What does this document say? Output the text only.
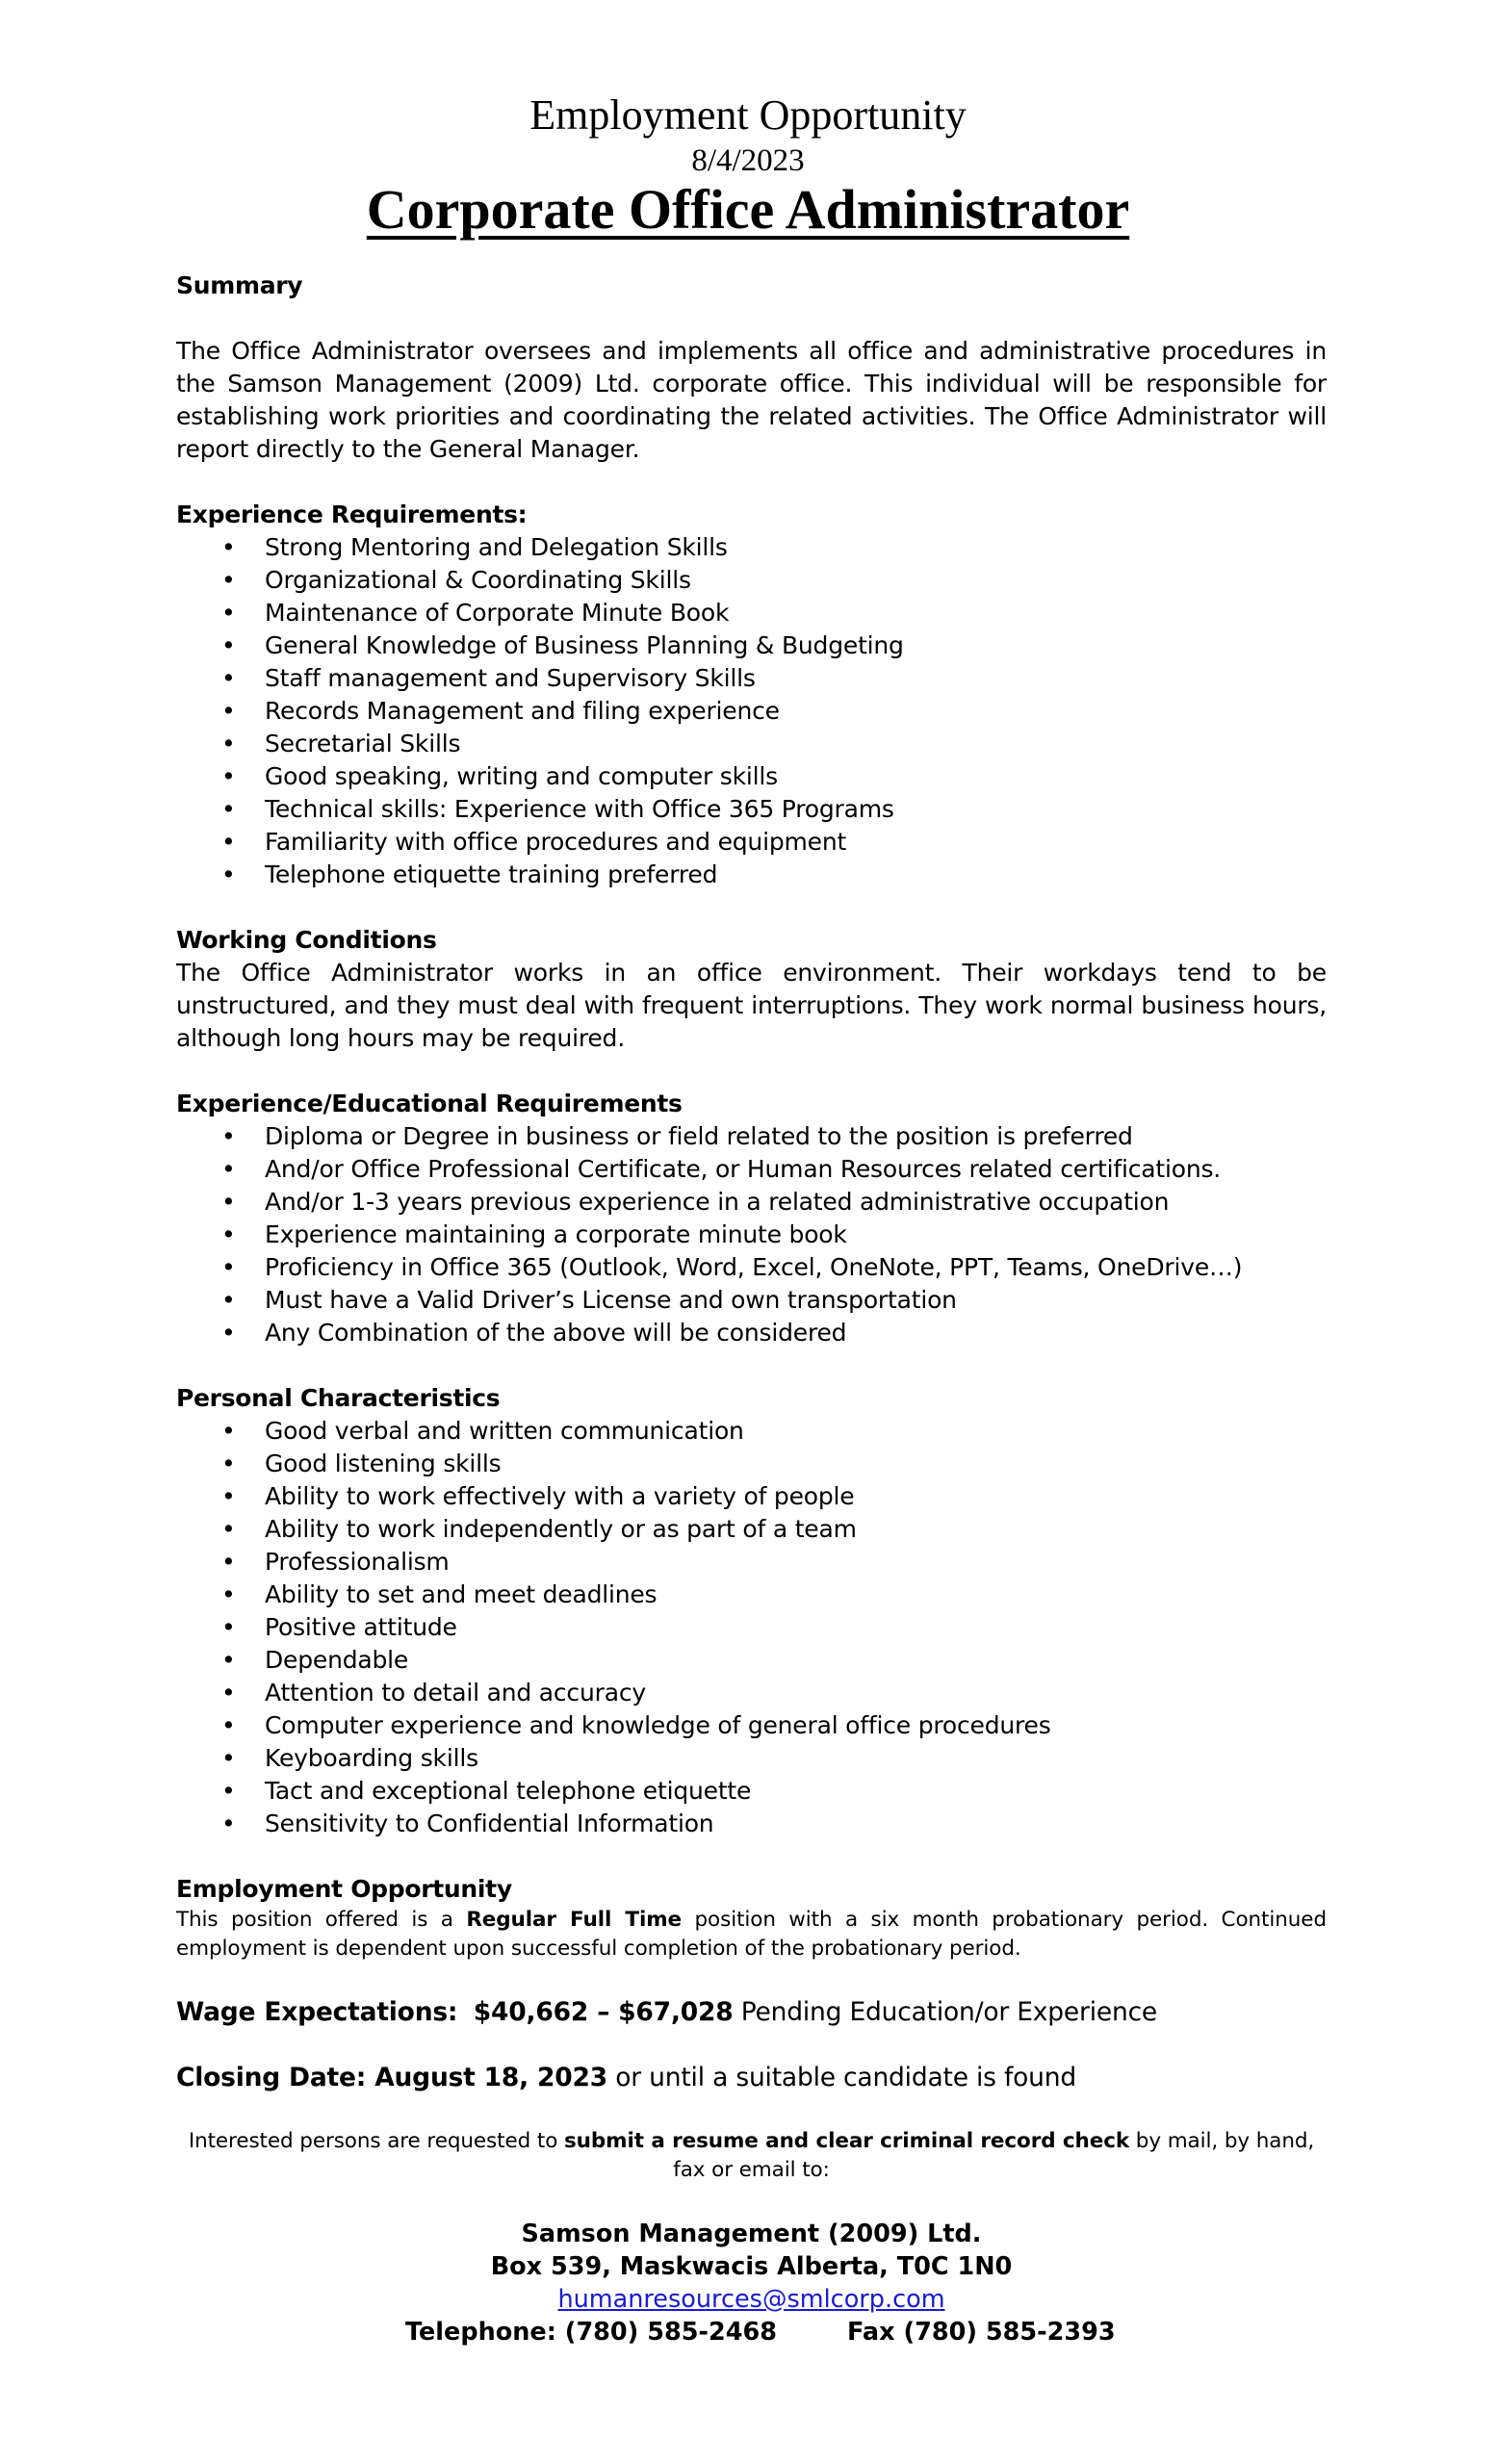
Employment Opportunity
8/4/2023
Corporate Office Administrator
Summary
The Office Administrator oversees and implements all office and administrative procedures in the Samson Management (2009) Ltd. corporate office. This individual will be responsible for establishing work priorities and coordinating the related activities. The Office Administrator will report directly to the General Manager.
Experience Requirements:
• Strong Mentoring and Delegation Skills
• Organizational & Coordinating Skills
• Maintenance of Corporate Minute Book
• General Knowledge of Business Planning & Budgeting
• Staff management and Supervisory Skills
• Records Management and filing experience
• Secretarial Skills
• Good speaking, writing and computer skills
• Technical skills: Experience with Office 365 Programs
• Familiarity with office procedures and equipment
• Telephone etiquette training preferred
Working Conditions
The Office Administrator works in an office environment. Their workdays tend to be unstructured, and they must deal with frequent interruptions. They work normal business hours, although long hours may be required.
Experience/Educational Requirements
• Diploma or Degree in business or field related to the position is preferred
• And/or Office Professional Certificate, or Human Resources related certifications.
• And/or 1-3 years previous experience in a related administrative occupation
• Experience maintaining a corporate minute book
• Proficiency in Office 365 (Outlook, Word, Excel, OneNote, PPT, Teams, OneDrive…)
• Must have a Valid Driver’s License and own transportation
• Any Combination of the above will be considered
Personal Characteristics
• Good verbal and written communication
• Good listening skills
• Ability to work effectively with a variety of people
• Ability to work independently or as part of a team
• Professionalism
• Ability to set and meet deadlines
• Positive attitude
• Dependable
• Attention to detail and accuracy
• Computer experience and knowledge of general office procedures
• Keyboarding skills
• Tact and exceptional telephone etiquette
• Sensitivity to Confidential Information
Employment Opportunity
This position offered is a Regular Full Time position with a six month probationary period. Continued employment is dependent upon successful completion of the probationary period.
Wage Expectations: $40,662 – $67,028 Pending Education/or Experience
Closing Date: August 18, 2023 or until a suitable candidate is found
Interested persons are requested to submit a resume and clear criminal record check by mail, by hand, fax or email to:
Samson Management (2009) Ltd.
Box 539, Maskwacis Alberta, T0C 1N0
humanresources@smlcorp.com
Telephone: (780) 585-2468	Fax (780) 585-2393
